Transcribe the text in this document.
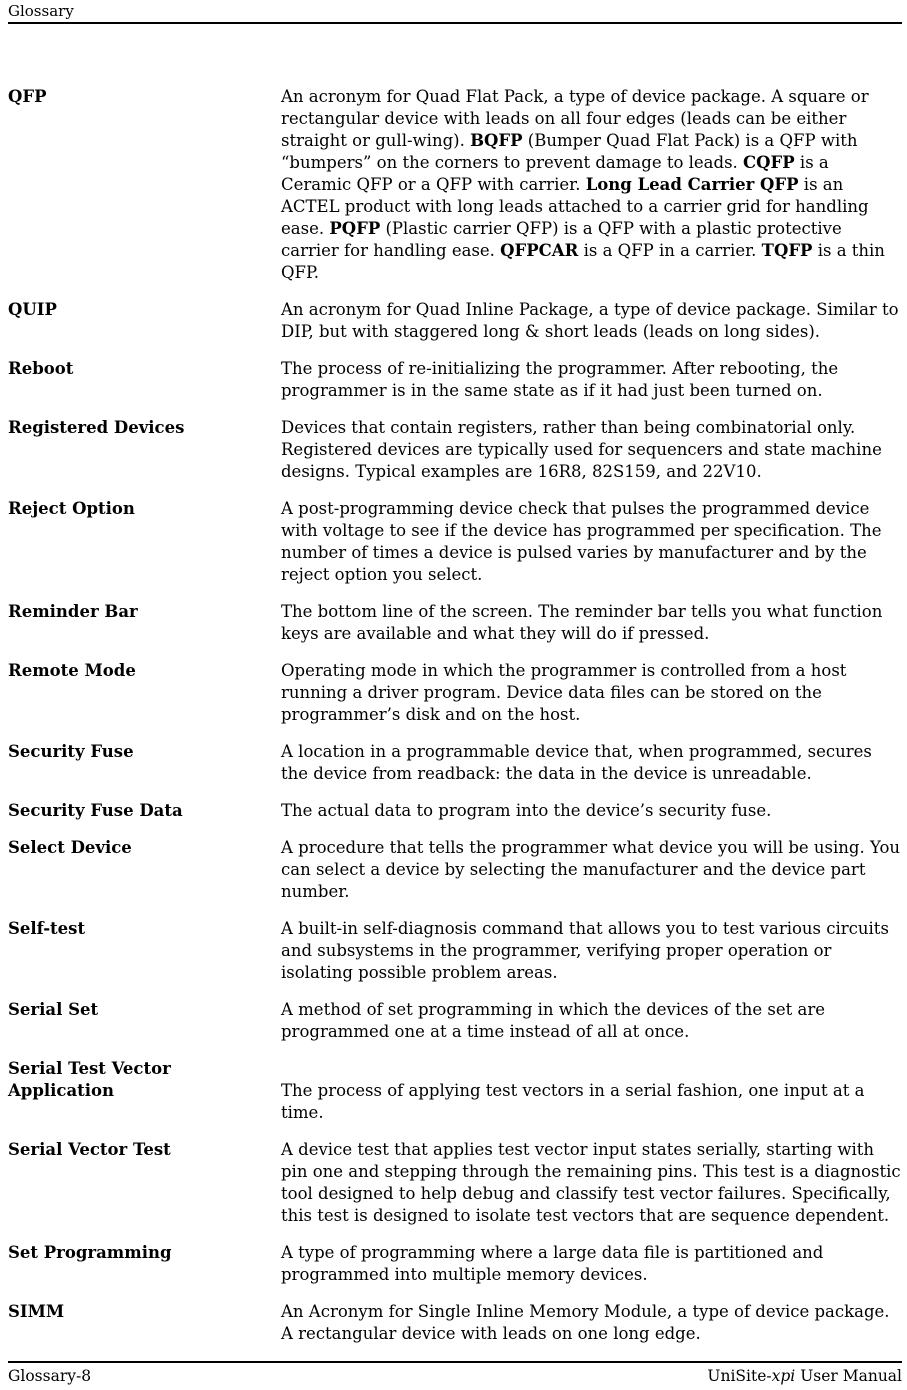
Glossary
QFP	An acronym for Quad Flat Pack, a type of device package. A square or rectangular device with leads on all four edges (leads can be either straight or gull-wing). BQFP (Bumper Quad Flat Pack) is a QFP with “bumpers” on the corners to prevent damage to leads. CQFP is a Ceramic QFP or a QFP with carrier. Long Lead Carrier QFP is an ACTEL product with long leads attached to a carrier grid for handling ease. PQFP (Plastic carrier QFP) is a QFP with a plastic protective carrier for handling ease. QFPCAR is a QFP in a carrier. TQFP is a thin QFP.
QUIP	An acronym for Quad Inline Package, a type of device package. Similar to DIP, but with staggered long & short leads (leads on long sides).
Reboot	The process of re-initializing the programmer. After rebooting, the programmer is in the same state as if it had just been turned on.
Registered Devices	Devices that contain registers, rather than being combinatorial only. Registered devices are typically used for sequencers and state machine designs. Typical examples are 16R8, 82S159, and 22V10.
Reject Option	A post-programming device check that pulses the programmed device with voltage to see if the device has programmed per specification. The number of times a device is pulsed varies by manufacturer and by the reject option you select.
Reminder Bar	The bottom line of the screen. The reminder bar tells you what function keys are available and what they will do if pressed.
Remote Mode	Operating mode in which the programmer is controlled from a host running a driver program. Device data files can be stored on the programmer’s disk and on the host.
Security Fuse	A location in a programmable device that, when programmed, secures the device from readback: the data in the device is unreadable.
Security Fuse Data	The actual data to program into the device’s security fuse.
Select Device	A procedure that tells the programmer what device you will be using. You can select a device by selecting the manufacturer and the device part number.
Self-test	A built-in self-diagnosis command that allows you to test various circuits and subsystems in the programmer, verifying proper operation or isolating possible problem areas.
Serial Set	A method of set programming in which the devices of the set are programmed one at a time instead of all at once.
Serial Test Vector
Application	The process of applying test vectors in a serial fashion, one input at a time.
Serial Vector Test	A device test that applies test vector input states serially, starting with pin one and stepping through the remaining pins. This test is a diagnostic tool designed to help debug and classify test vector failures. Specifically, this test is designed to isolate test vectors that are sequence dependent.
Set Programming	A type of programming where a large data file is partitioned and programmed into multiple memory devices.
SIMM	An Acronym for Single Inline Memory Module, a type of device package. A rectangular device with leads on one long edge.
Glossary-8	UniSite-xpi User Manual
